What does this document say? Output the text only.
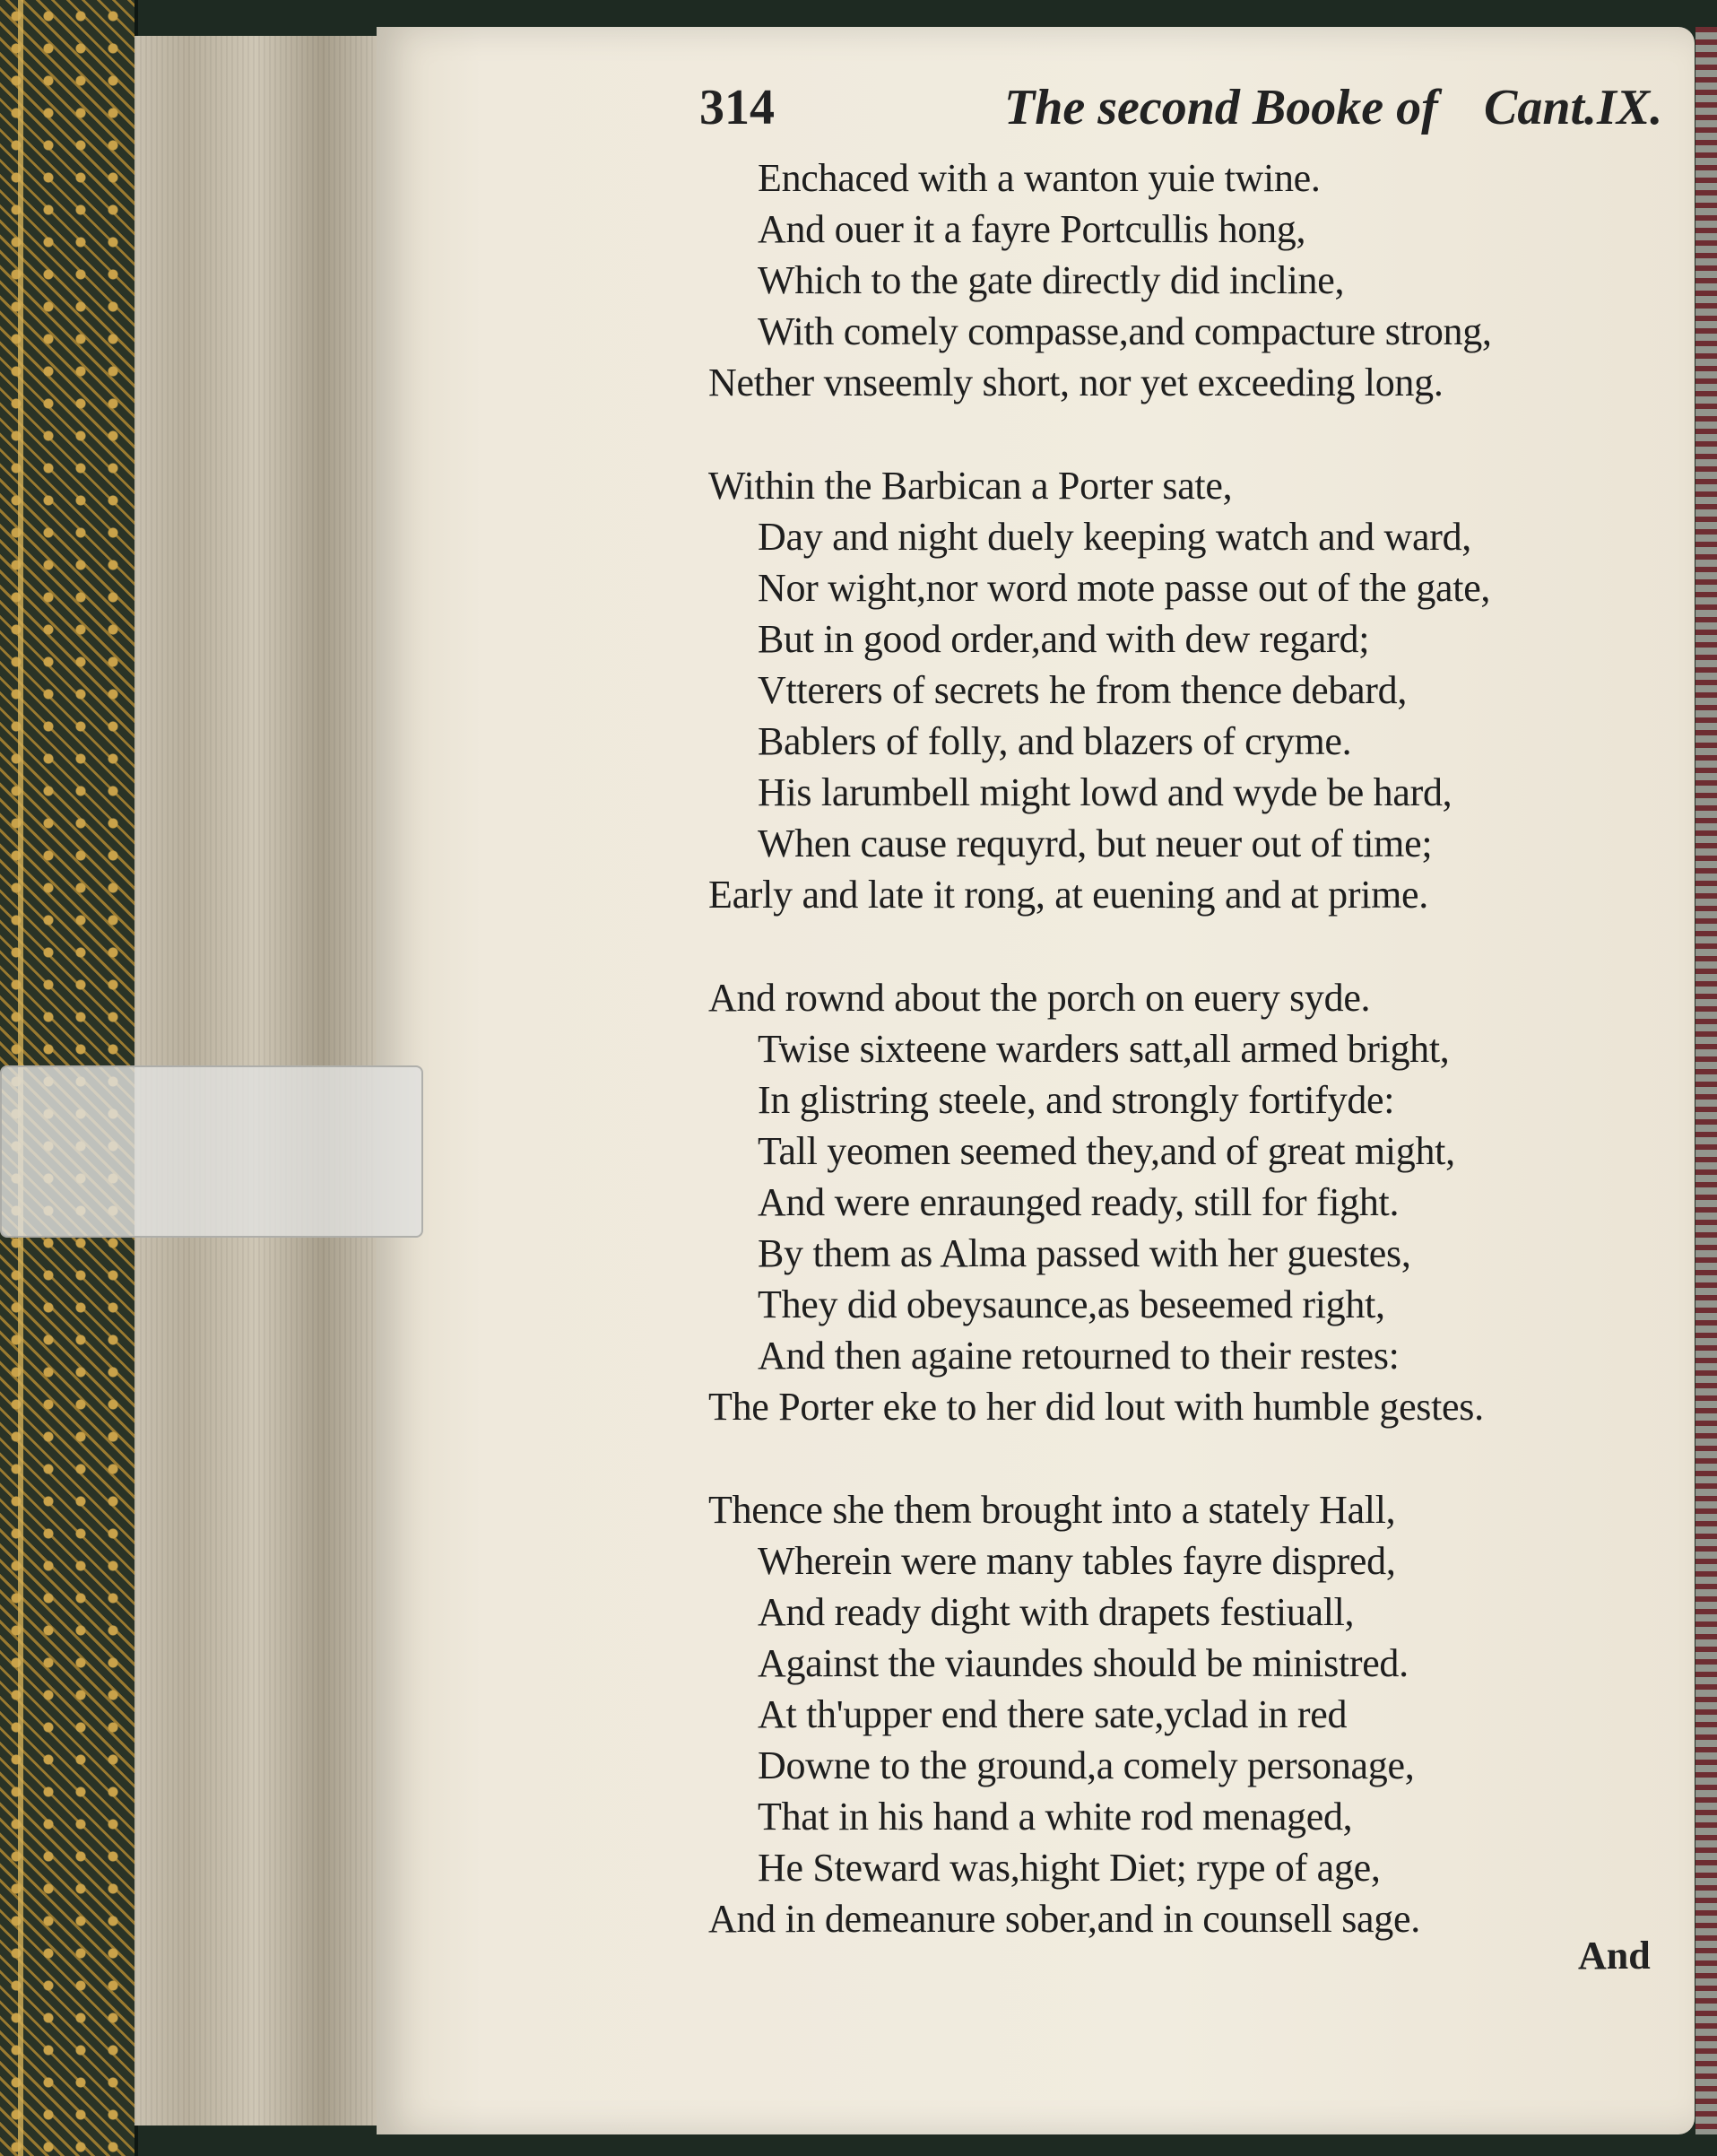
314	The second Booke of Cant.IX.
Enchaced with a wanton yuie twine.
And ouer it a fayre Portcullis hong,
Which to the gate directly did incline,
With comely compasse,and compacture strong,
Nether vnseemly short, nor yet exceeding long.
Within the Barbican a Porter sate,
Day and night duely keeping watch and ward,
Nor wight,nor word mote passe out of the gate,
But in good order,and with dew regard;
Vtterers of secrets he from thence debard,
Bablers of folly, and blazers of cryme.
His larumbell might lowd and wyde be hard,
When cause requyrd, but neuer out of time;
Early and late it rong, at euening and at prime.
And rownd about the porch on euery syde.
Twise sixteene warders satt,all armed bright,
In glistring steele, and strongly fortifyde:
Tall yeomen seemed they,and of great might,
And were enraunged ready, still for fight.
By them as Alma passed with her guestes,
They did obeysaunce,as beseemed right,
And then againe retourned to their restes:
The Porter eke to her did lout with humble gestes.
Thence she them brought into a stately Hall,
Wherein were many tables fayre dispred,
And ready dight with drapets festiuall,
Against the viaundes should be ministred.
At th'upper end there sate,yclad in red
Downe to the ground,a comely personage,
That in his hand a white rod menaged,
He Steward was,hight Diet; rype of age,
And in demeanure sober,and in counsell sage.
And
